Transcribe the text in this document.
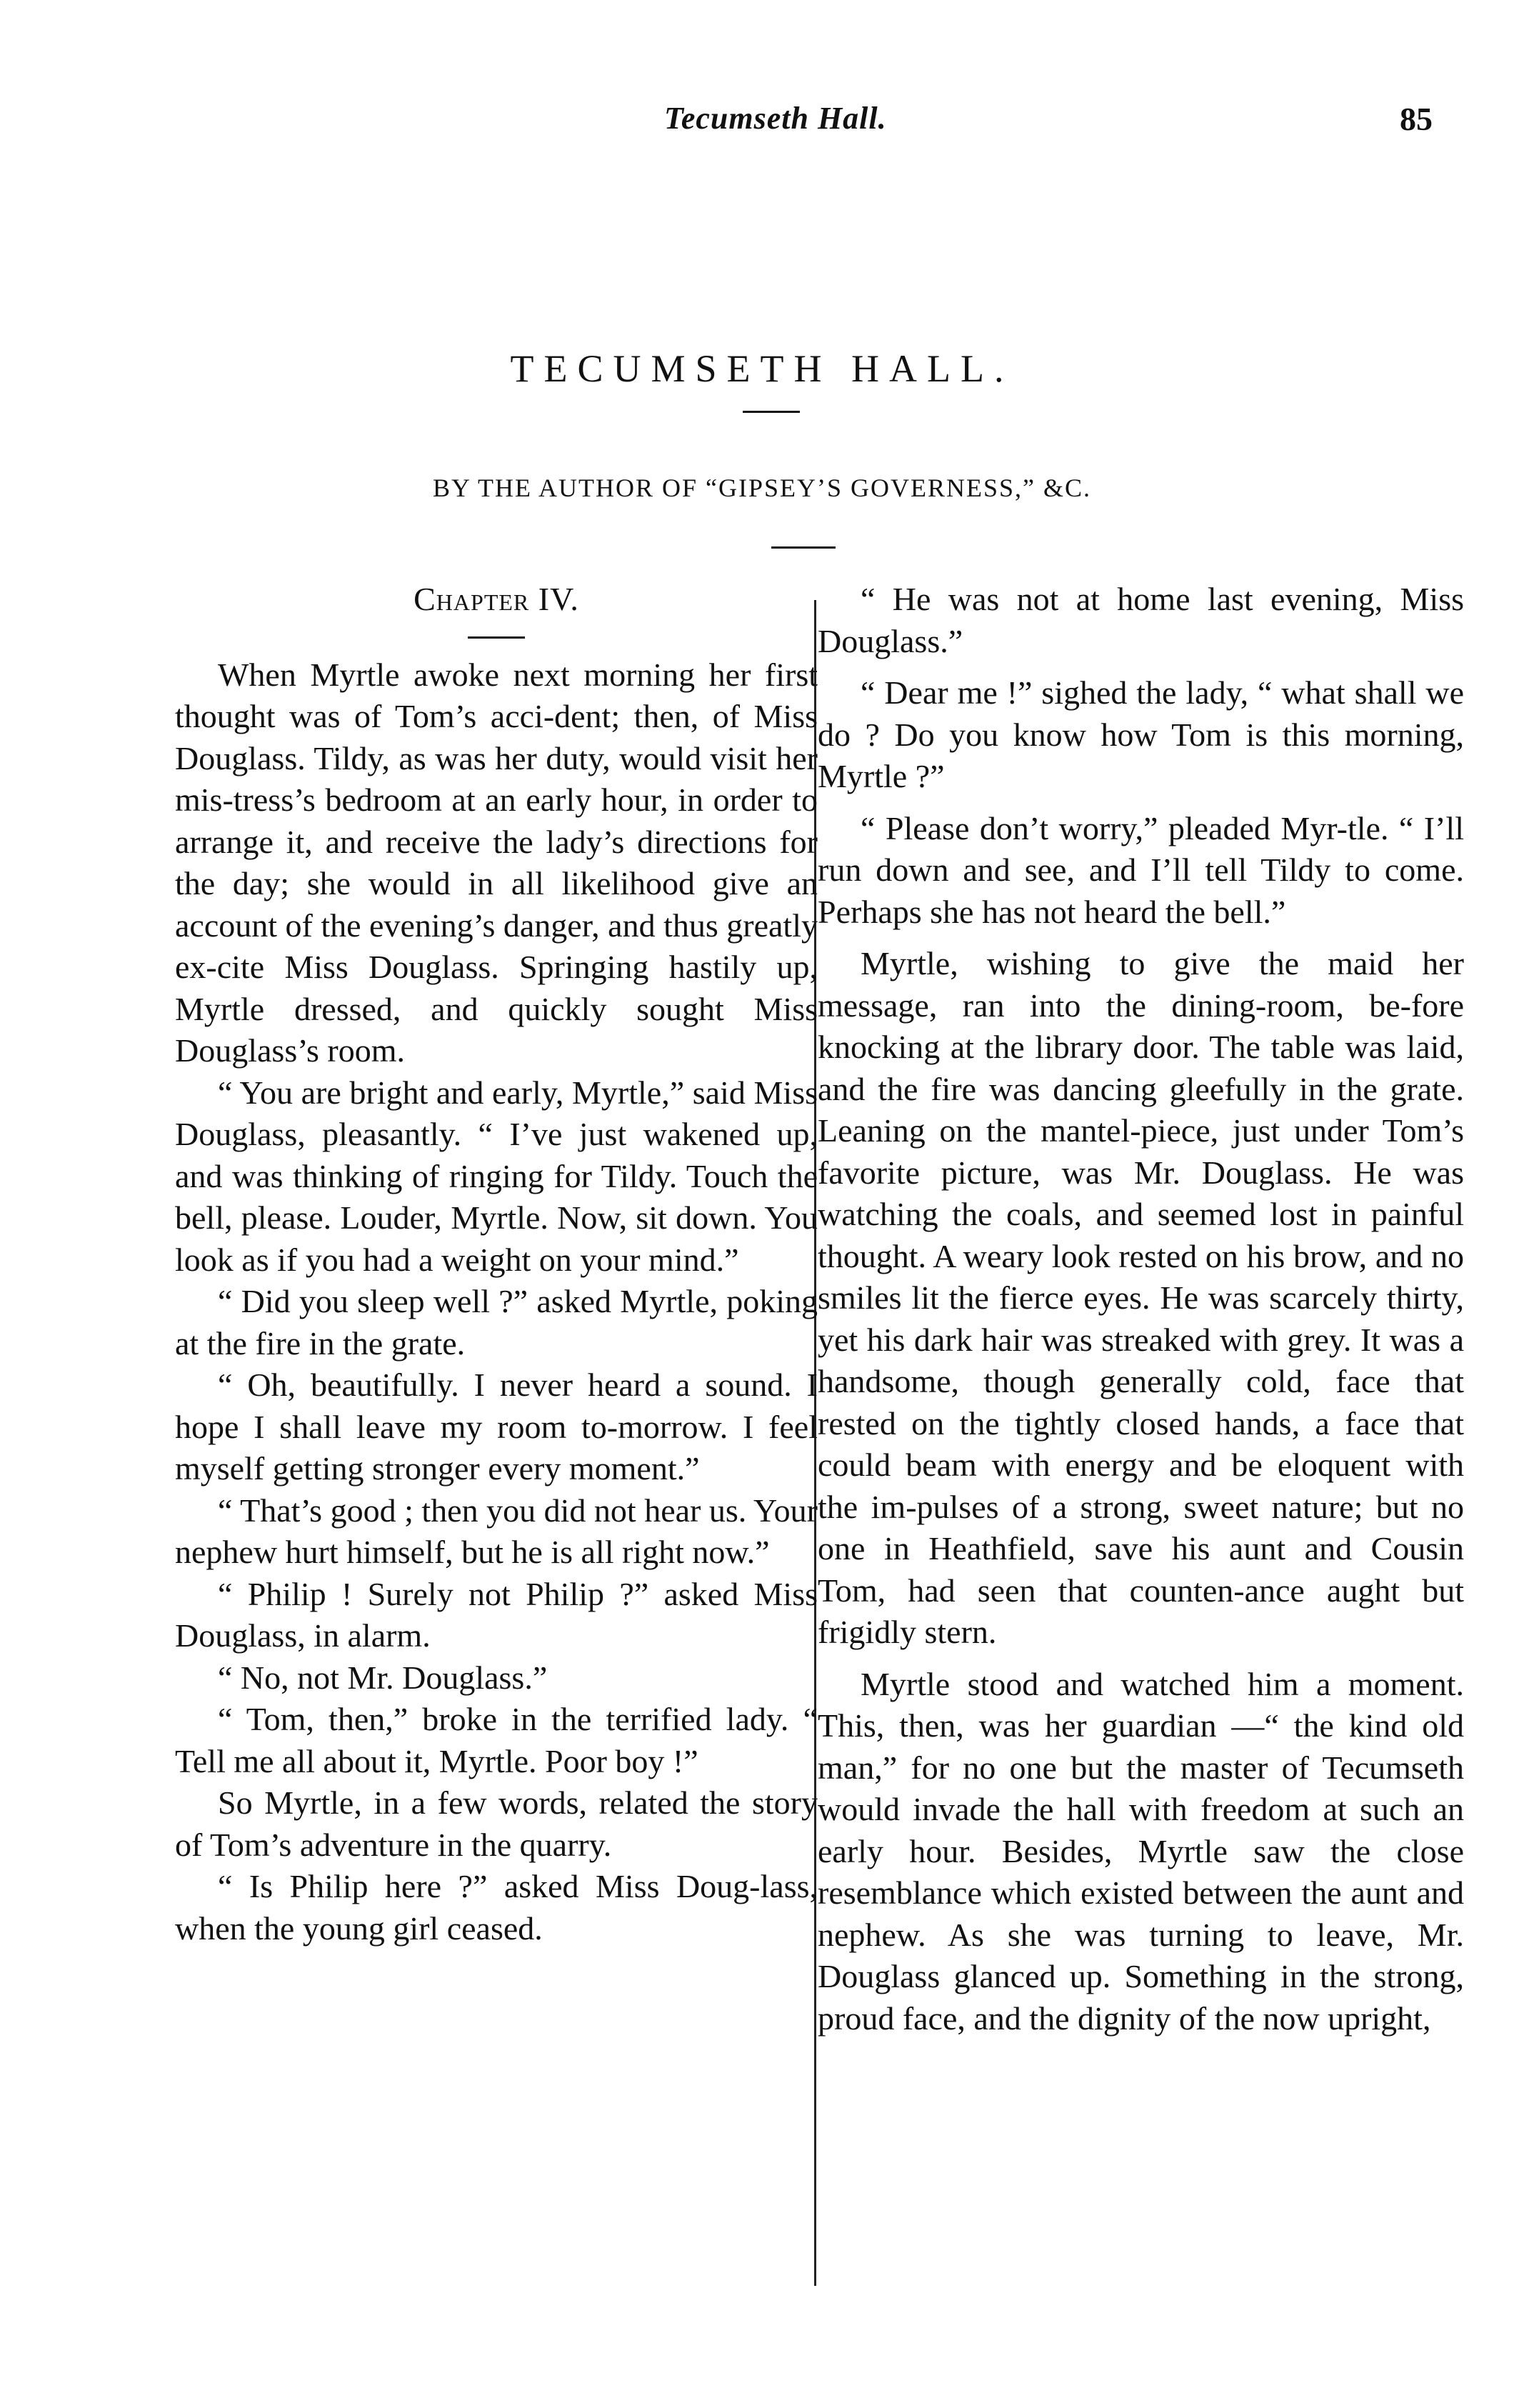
Tecumseth Hall.	85
TECUMSETH HALL.
BY THE AUTHOR OF “GIPSEY’S GOVERNESS,” &C.
Chapter IV.

When Myrtle awoke next morning her first thought was of Tom’s acci-dent; then, of Miss Douglass. Tildy, as was her duty, would visit her mis-tress’s bedroom at an early hour, in order to arrange it, and receive the lady’s directions for the day; she would in all likelihood give an account of the evening’s danger, and thus greatly ex-cite Miss Douglass. Springing hastily up, Myrtle dressed, and quickly sought Miss Douglass’s room.

“ You are bright and early, Myrtle,” said Miss Douglass, pleasantly. “ I’ve just wakened up, and was thinking of ringing for Tildy. Touch the bell, please. Louder, Myrtle. Now, sit down. You look as if you had a weight on your mind.”

“ Did you sleep well ?” asked Myrtle, poking at the fire in the grate.

“ Oh, beautifully. I never heard a sound. I hope I shall leave my room to-morrow. I feel myself getting stronger every moment.”

“ That’s good ; then you did not hear us. Your nephew hurt himself, but he is all right now.”

“ Philip ! Surely not Philip ?” asked Miss Douglass, in alarm.

“ No, not Mr. Douglass.”

“ Tom, then,” broke in the terrified lady. “ Tell me all about it, Myrtle. Poor boy !”

So Myrtle, in a few words, related the story of Tom’s adventure in the quarry.

“ Is Philip here ?” asked Miss Doug-lass, when the young girl ceased.

“ He was not at home last evening, Miss Douglass.”

“ Dear me !” sighed the lady, “ what shall we do ? Do you know how Tom is this morning, Myrtle ?”

“ Please don’t worry,” pleaded Myr-tle. “ I’ll run down and see, and I’ll tell Tildy to come. Perhaps she has not heard the bell.”

Myrtle, wishing to give the maid her message, ran into the dining-room, be-fore knocking at the library door. The table was laid, and the fire was dancing gleefully in the grate. Leaning on the mantel-piece, just under Tom’s favorite picture, was Mr. Douglass. He was watching the coals, and seemed lost in painful thought. A weary look rested on his brow, and no smiles lit the fierce eyes. He was scarcely thirty, yet his dark hair was streaked with grey. It was a handsome, though generally cold, face that rested on the tightly closed hands, a face that could beam with energy and be eloquent with the im-pulses of a strong, sweet nature; but no one in Heathfield, save his aunt and Cousin Tom, had seen that counten-ance aught but frigidly stern.

Myrtle stood and watched him a moment. This, then, was her guardian —“ the kind old man,” for no one but the master of Tecumseth would invade the hall with freedom at such an early hour. Besides, Myrtle saw the close resemblance which existed between the aunt and nephew. As she was turning to leave, Mr. Douglass glanced up. Something in the strong, proud face, and the dignity of the now upright,
